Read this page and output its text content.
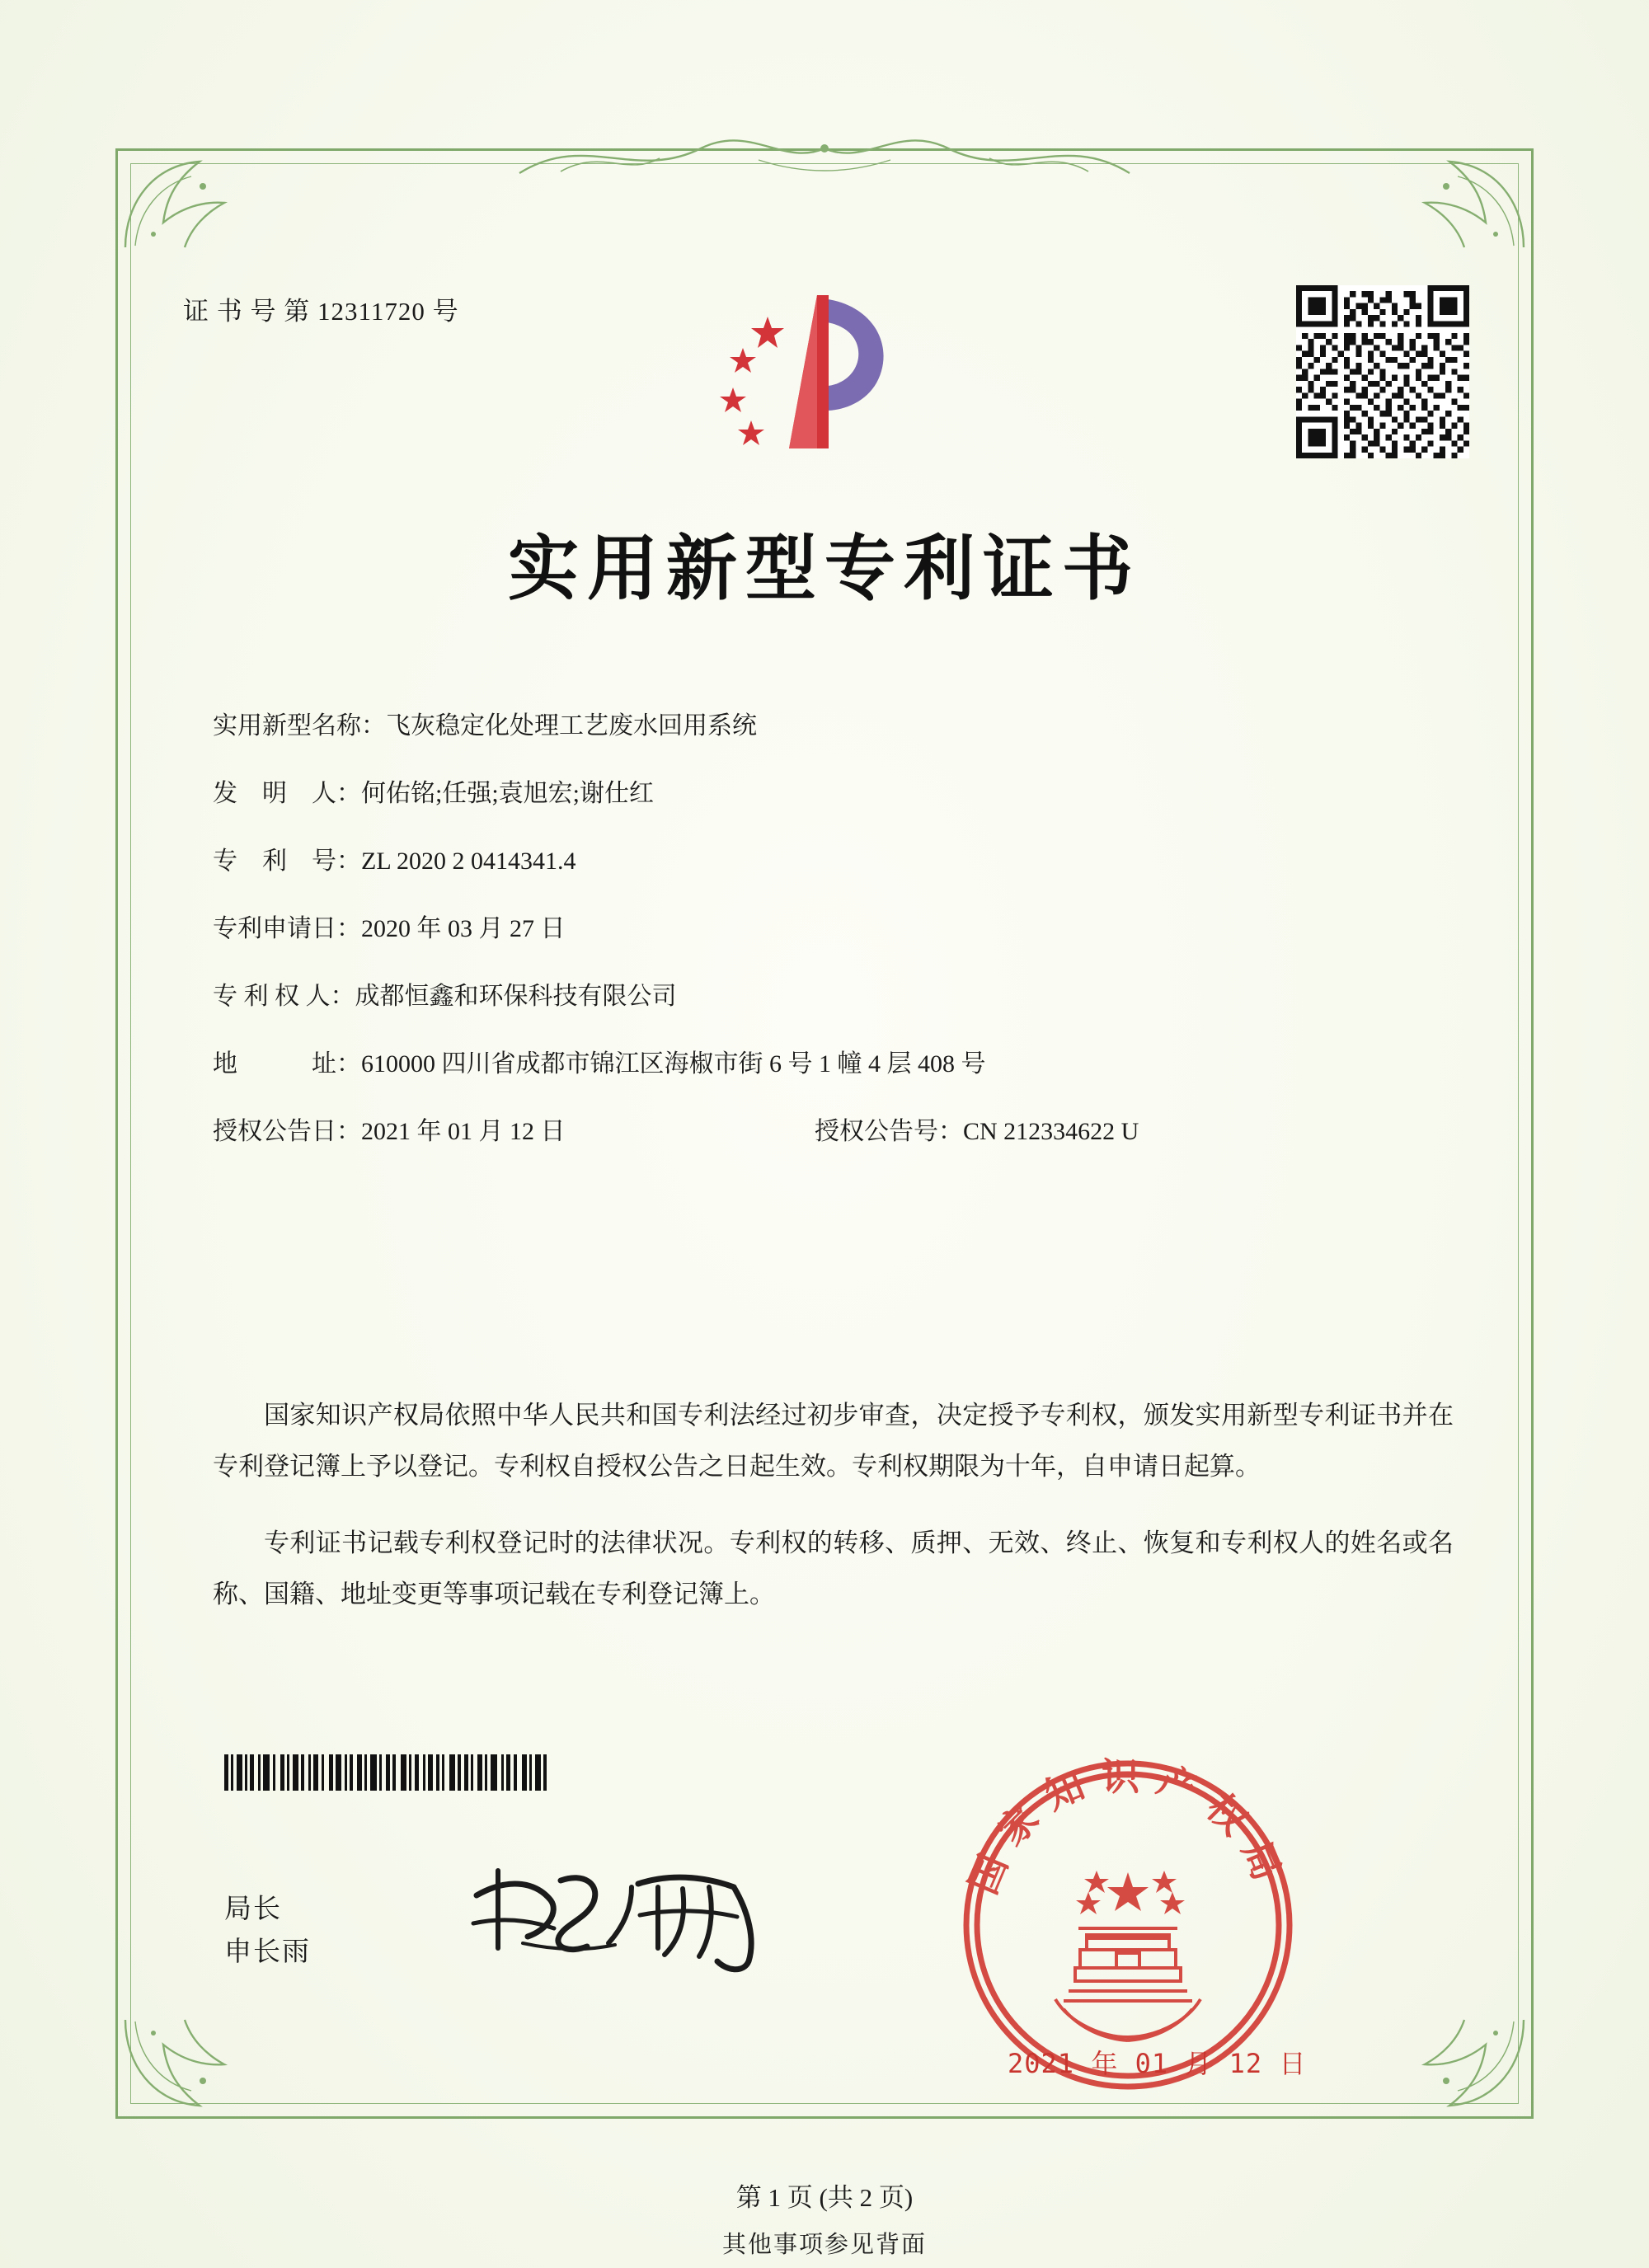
证 书 号 第 12311720 号
实用新型专利证书
实用新型名称：飞灰稳定化处理工艺废水回用系统
发　明　人：何佑铭;任强;袁旭宏;谢仕红
专　利　号：ZL 2020 2 0414341.4
专利申请日：2020 年 03 月 27 日
专 利 权 人：成都恒鑫和环保科技有限公司
地　　　址：610000 四川省成都市锦江区海椒市街 6 号 1 幢 4 层 408 号
授权公告日：2021 年 01 月 12 日	授权公告号：CN 212334622 U

国家知识产权局依照中华人民共和国专利法经过初步审查，决定授予专利权，颁发实用新型专利证书并在专利登记簿上予以登记。专利权自授权公告之日起生效。专利权期限为十年，自申请日起算。

专利证书记载专利权登记时的法律状况。专利权的转移、质押、无效、终止、恢复和专利权人的姓名或名称、国籍、地址变更等事项记载在专利登记簿上。

局长
申长雨
国家知识产权局
2021 年 01 月 12 日
第 1 页 (共 2 页)
其他事项参见背面
